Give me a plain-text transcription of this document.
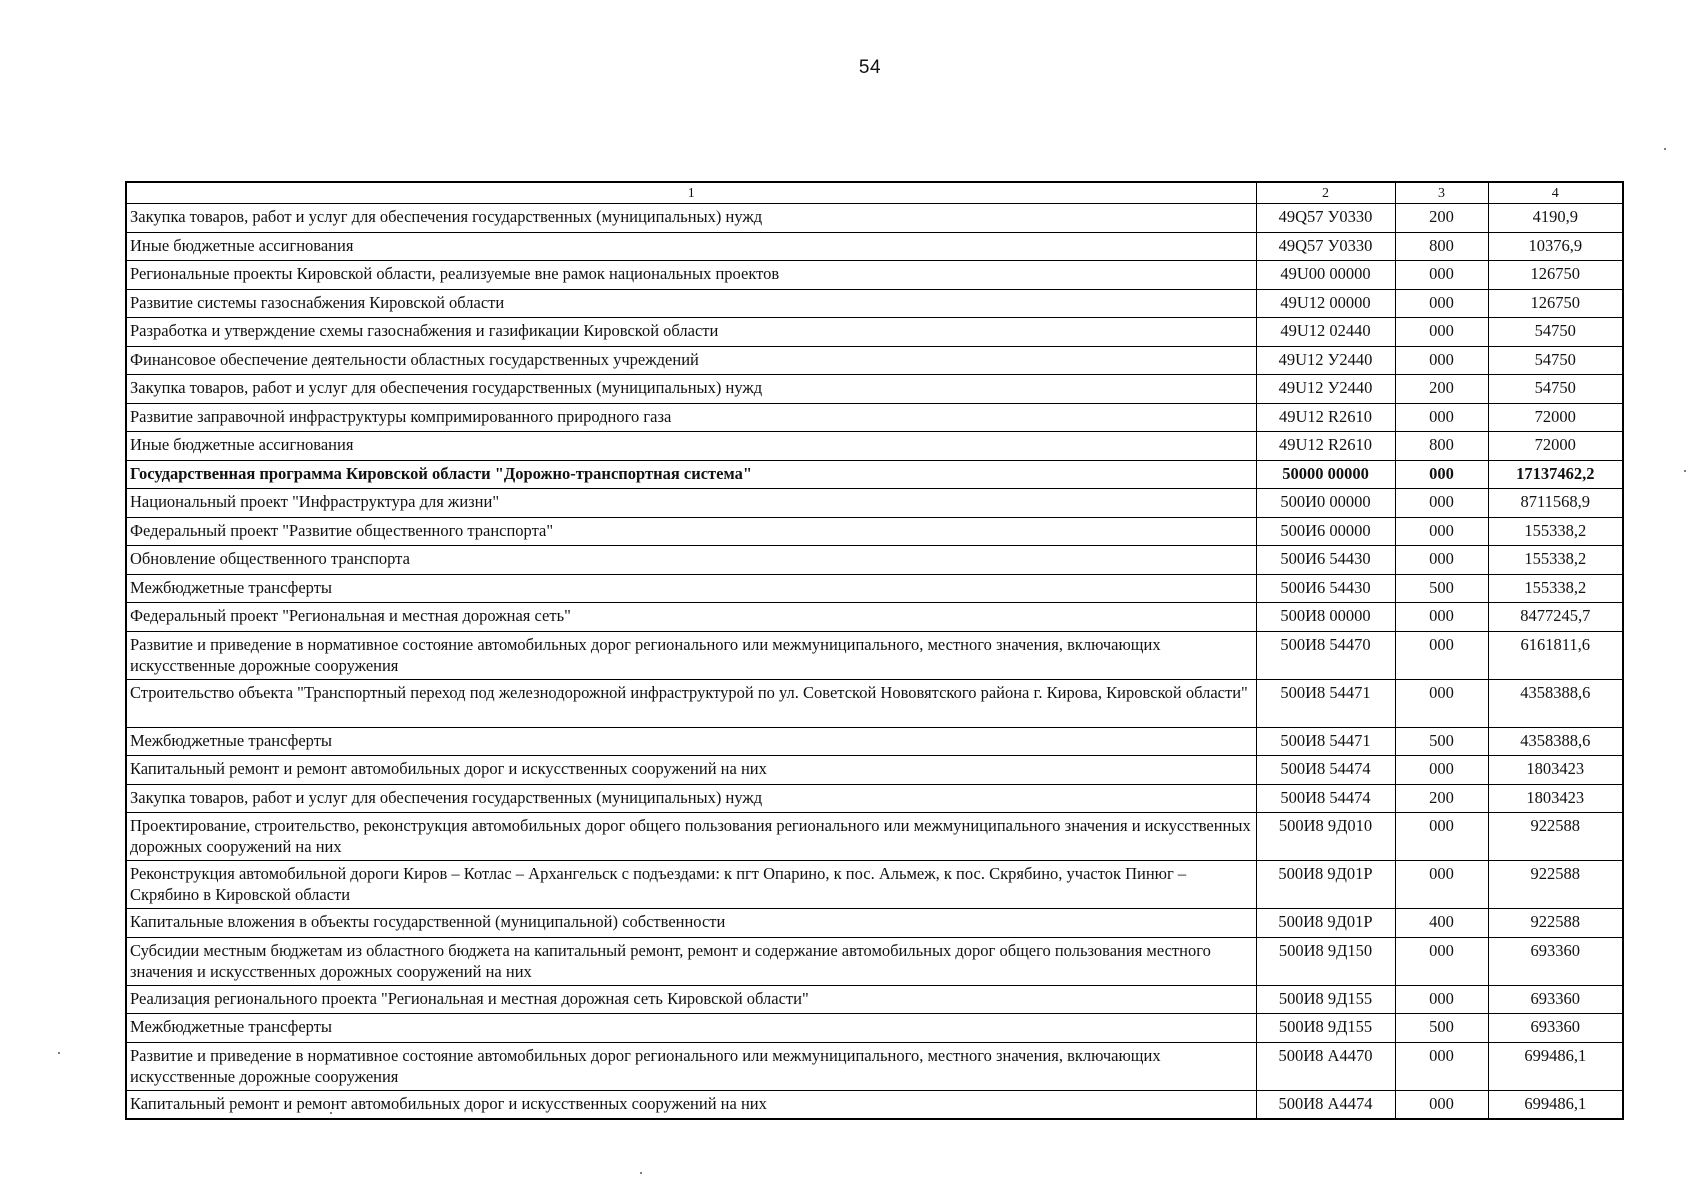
54
1	2	3	4
Закупка товаров, работ и услуг для обеспечения государственных (муниципальных) нужд	49Q57 У0330	200	4190,9
Иные бюджетные ассигнования	49Q57 У0330	800	10376,9
Региональные проекты Кировской области, реализуемые вне рамок национальных проектов	49U00 00000	000	126750
Развитие системы газоснабжения Кировской области	49U12 00000	000	126750
Разработка и утверждение схемы газоснабжения и газификации Кировской области	49U12 02440	000	54750
Финансовое обеспечение деятельности областных государственных учреждений	49U12 У2440	000	54750
Закупка товаров, работ и услуг для обеспечения государственных (муниципальных) нужд	49U12 У2440	200	54750
Развитие заправочной инфраструктуры компримированного природного газа	49U12 R2610	000	72000
Иные бюджетные ассигнования	49U12 R2610	800	72000
Государственная программа Кировской области "Дорожно-транспортная система"	50000 00000	000	17137462,2
Национальный проект "Инфраструктура для жизни"	500И0 00000	000	8711568,9
Федеральный проект "Развитие общественного транспорта"	500И6 00000	000	155338,2
Обновление общественного транспорта	500И6 54430	000	155338,2
Межбюджетные трансферты	500И6 54430	500	155338,2
Федеральный проект "Региональная и местная дорожная сеть"	500И8 00000	000	8477245,7
Развитие и приведение в нормативное состояние автомобильных дорог регионального или межмуниципального, местного значения, включающих искусственные дорожные сооружения	500И8 54470	000	6161811,6
Строительство объекта "Транспортный переход под железнодорожной инфраструктурой по ул. Советской Нововятского района г. Кирова, Кировской области"	500И8 54471	000	4358388,6
Межбюджетные трансферты	500И8 54471	500	4358388,6
Капитальный ремонт и ремонт автомобильных дорог и искусственных сооружений на них	500И8 54474	000	1803423
Закупка товаров, работ и услуг для обеспечения государственных (муниципальных) нужд	500И8 54474	200	1803423
Проектирование, строительство, реконструкция автомобильных дорог общего пользования регионального или межмуниципального значения и искусственных дорожных сооружений на них	500И8 9Д010	000	922588
Реконструкция автомобильной дороги Киров – Котлас – Архангельск с подъездами: к пгт Опарино, к пос. Альмеж, к пос. Скрябино, участок Пинюг – Скрябино в Кировской области	500И8 9Д01Р	000	922588
Капитальные вложения в объекты государственной (муниципальной) собственности	500И8 9Д01Р	400	922588
Субсидии местным бюджетам из областного бюджета на капитальный ремонт, ремонт и содержание автомобильных дорог общего пользования местного значения и искусственных дорожных сооружений на них	500И8 9Д150	000	693360
Реализация регионального проекта "Региональная и местная дорожная сеть Кировской области"	500И8 9Д155	000	693360
Межбюджетные трансферты	500И8 9Д155	500	693360
Развитие и приведение в нормативное состояние автомобильных дорог регионального или межмуниципального, местного значения, включающих искусственные дорожные сооружения	500И8 А4470	000	699486,1
Капитальный ремонт и ремонт автомобильных дорог и искусственных сооружений на них	500И8 А4474	000	699486,1
